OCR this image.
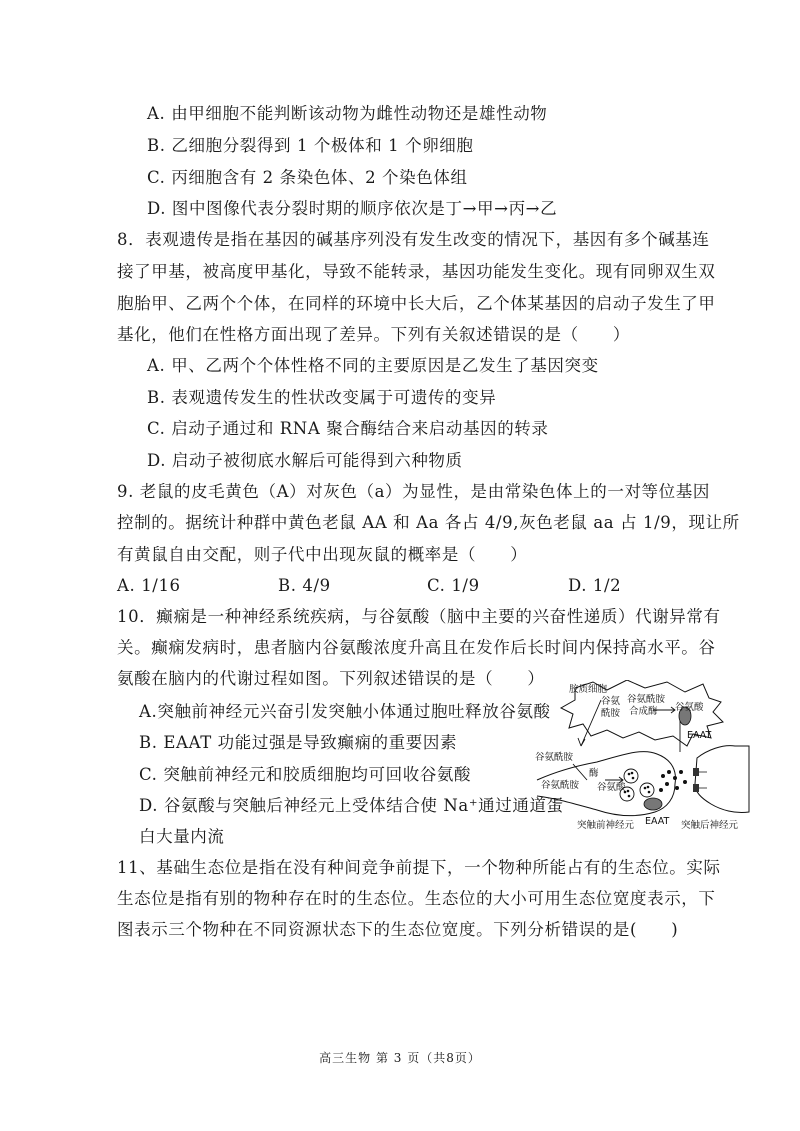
A. 由甲细胞不能判断该动物为雌性动物还是雄性动物
B. 乙细胞分裂得到 1 个极体和 1 个卵细胞
C. 丙细胞含有 2 条染色体、2 个染色体组
D. 图中图像代表分裂时期的顺序依次是丁→甲→丙→乙
8．表观遗传是指在基因的碱基序列没有发生改变的情况下，基因有多个碱基连
接了甲基，被高度甲基化，导致不能转录，基因功能发生变化。现有同卵双生双
胞胎甲、乙两个个体，在同样的环境中长大后，乙个体某基因的启动子发生了甲
基化，他们在性格方面出现了差异。下列有关叙述错误的是（　　）
A. 甲、乙两个个体性格不同的主要原因是乙发生了基因突变
B. 表观遗传发生的性状改变属于可遗传的变异
C. 启动子通过和 RNA 聚合酶结合来启动基因的转录
D. 启动子被彻底水解后可能得到六种物质
9. 老鼠的皮毛黄色（A）对灰色（a）为显性，是由常染色体上的一对等位基因
控制的。据统计种群中黄色老鼠 AA 和 Aa 各占 4/9,灰色老鼠 aa 占 1/9，现让所
有黄鼠自由交配，则子代中出现灰鼠的概率是（　　）
A. 1/16	B. 4/9	C. 1/9	D. 1/2
10．癫痫是一种神经系统疾病，与谷氨酸（脑中主要的兴奋性递质）代谢异常有
关。癫痫发病时，患者脑内谷氨酸浓度升高且在发作后长时间内保持高水平。谷
氨酸在脑内的代谢过程如图。下列叙述错误的是（　　）
A.突触前神经元兴奋引发突触小体通过胞吐释放谷氨酸
B. EAAT 功能过强是导致癫痫的重要因素
C. 突触前神经元和胶质细胞均可回收谷氨酸
D. 谷氨酸与突触后神经元上受体结合使 Na⁺通过通道蛋
白大量内流
胶质细胞
谷氨酰胺
合成酶
谷氨
酰胺
谷氨酸
EAAT
谷氨酰胺
酶
谷氨酰胺 谷氨酸
突触前神经元 EAAT 突触后神经元
11、基础生态位是指在没有种间竞争前提下，一个物种所能占有的生态位。实际
生态位是指有别的物种存在时的生态位。生态位的大小可用生态位宽度表示，下
图表示三个物种在不同资源状态下的生态位宽度。下列分析错误的是(　　)
高三生物 第 3 页（共8页）
